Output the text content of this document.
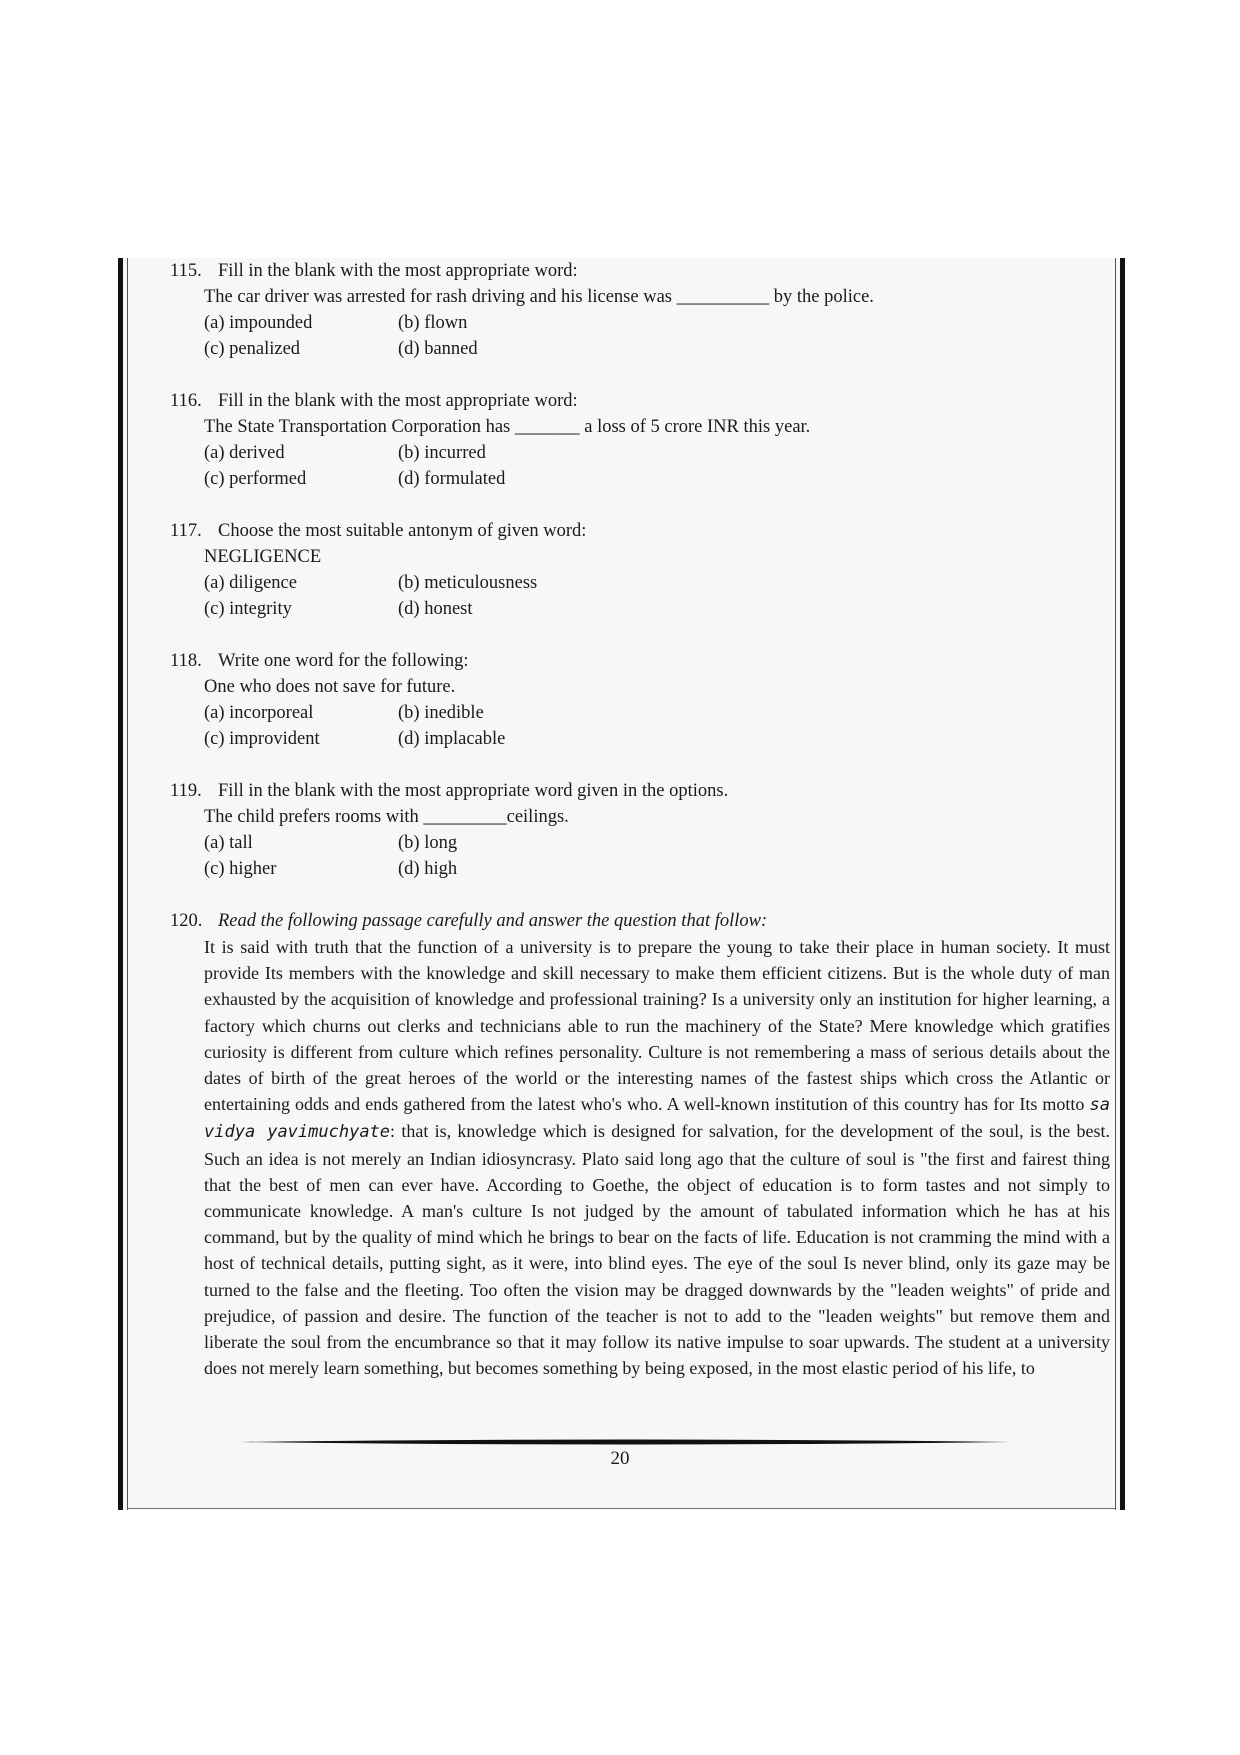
115. Fill in the blank with the most appropriate word:
The car driver was arrested for rash driving and his license was __________ by the police.
(a) impounded	(b) flown
(c) penalized	(d) banned
116. Fill in the blank with the most appropriate word:
The State Transportation Corporation has _______ a loss of 5 crore INR this year.
(a) derived	(b) incurred
(c) performed	(d) formulated
117. Choose the most suitable antonym of given word:
NEGLIGENCE
(a) diligence	(b) meticulousness
(c) integrity	(d) honest
118. Write one word for the following:
One who does not save for future.
(a) incorporeal	(b) inedible
(c) improvident	(d) implacable
119. Fill in the blank with the most appropriate word given in the options.
The child prefers rooms with _________ceilings.
(a) tall	(b) long
(c) higher	(d) high
120. Read the following passage carefully and answer the question that follow:
It is said with truth that the function of a university is to prepare the young to take their place in human society. It must provide Its members with the knowledge and skill necessary to make them efficient citizens. But is the whole duty of man exhausted by the acquisition of knowledge and professional training? Is a university only an institution for higher learning, a factory which churns out clerks and technicians able to run the machinery of the State? Mere knowledge which gratifies curiosity is different from culture which refines personality. Culture is not remembering a mass of serious details about the dates of birth of the great heroes of the world or the interesting names of the fastest ships which cross the Atlantic or entertaining odds and ends gathered from the latest who's who. A well-known institution of this country has for Its motto sa vidya yavimuchyate: that is, knowledge which is designed for salvation, for the development of the soul, is the best. Such an idea is not merely an Indian idiosyncrasy. Plato said long ago that the culture of soul is "the first and fairest thing that the best of men can ever have. According to Goethe, the object of education is to form tastes and not simply to communicate knowledge. A man's culture Is not judged by the amount of tabulated information which he has at his command, but by the quality of mind which he brings to bear on the facts of life. Education is not cramming the mind with a host of technical details, putting sight, as it were, into blind eyes. The eye of the soul Is never blind, only its gaze may be turned to the false and the fleeting. Too often the vision may be dragged downwards by the "leaden weights" of pride and prejudice, of passion and desire. The function of the teacher is not to add to the "leaden weights" but remove them and liberate the soul from the encumbrance so that it may follow its native impulse to soar upwards. The student at a university does not merely learn something, but becomes something by being exposed, in the most elastic period of his life, to
20
